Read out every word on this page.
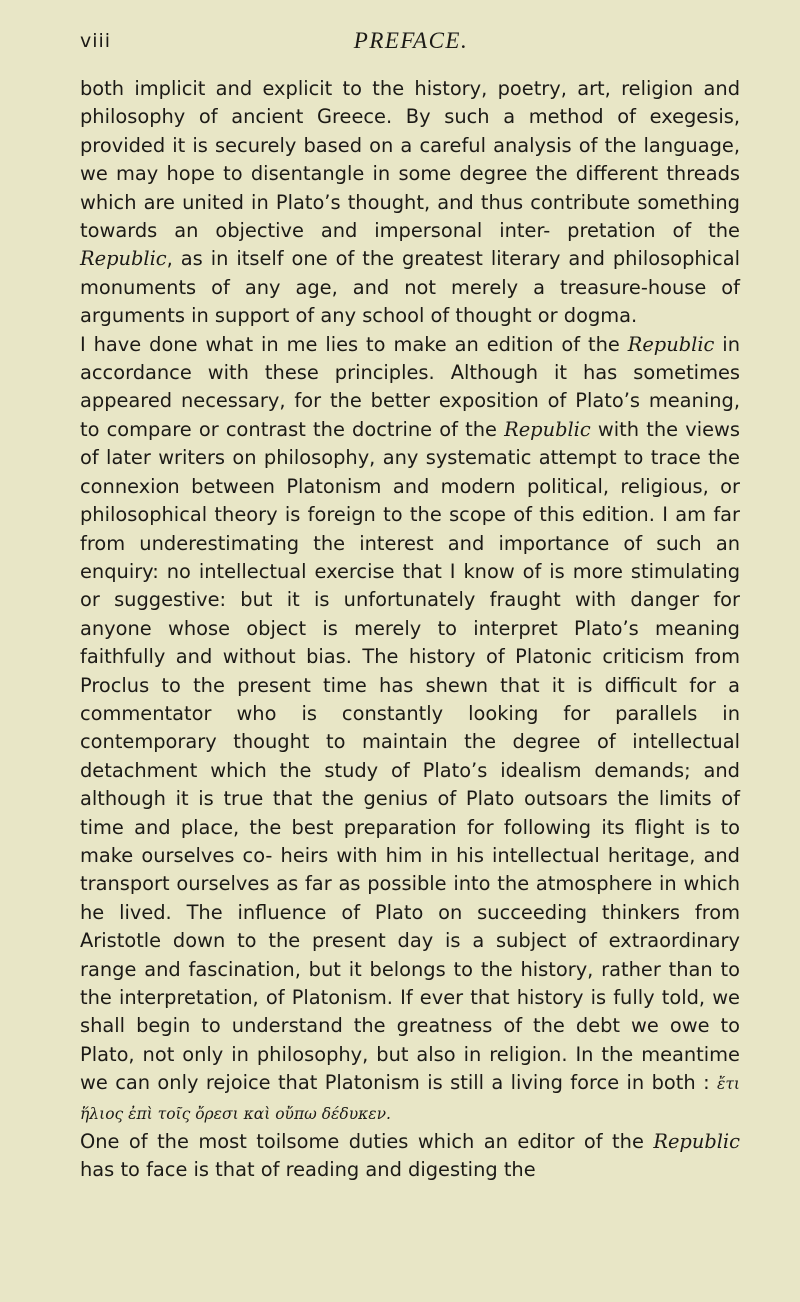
viii	PREFACE.

both implicit and explicit to the history, poetry, art, religion and philosophy of ancient Greece. By such a method of exegesis, provided it is securely based on a careful analysis of the language, we may hope to disentangle in some degree the different threads which are united in Plato’s thought, and thus contribute something towards an objective and impersonal inter- pretation of the Republic, as in itself one of the greatest literary and philosophical monuments of any age, and not merely a treasure-house of arguments in support of any school of thought or dogma.

I have done what in me lies to make an edition of the Republic in accordance with these principles. Although it has sometimes appeared necessary, for the better exposition of Plato’s meaning, to compare or contrast the doctrine of the Republic with the views of later writers on philosophy, any systematic attempt to trace the connexion between Platonism and modern political, religious, or philosophical theory is foreign to the scope of this edition. I am far from underestimating the interest and importance of such an enquiry: no intellectual exercise that I know of is more stimulating or suggestive: but it is unfortunately fraught with danger for anyone whose object is merely to interpret Plato’s meaning faithfully and without bias. The history of Platonic criticism from Proclus to the present time has shewn that it is difficult for a commentator who is constantly looking for parallels in contemporary thought to maintain the degree of intellectual detachment which the study of Plato’s idealism demands; and although it is true that the genius of Plato outsoars the limits of time and place, the best preparation for following its flight is to make ourselves co- heirs with him in his intellectual heritage, and transport ourselves as far as possible into the atmosphere in which he lived. The influence of Plato on succeeding thinkers from Aristotle down to the present day is a subject of extraordinary range and fascination, but it belongs to the history, rather than to the interpretation, of Platonism. If ever that history is fully told, we shall begin to understand the greatness of the debt we owe to Plato, not only in philosophy, but also in religion. In the meantime we can only rejoice that Platonism is still a living force in both : ἔτι ἥλιος ἐπὶ τοῖς ὄρεσι καὶ οὔπω δέδυκεν.

One of the most toilsome duties which an editor of the Republic has to face is that of reading and digesting the
